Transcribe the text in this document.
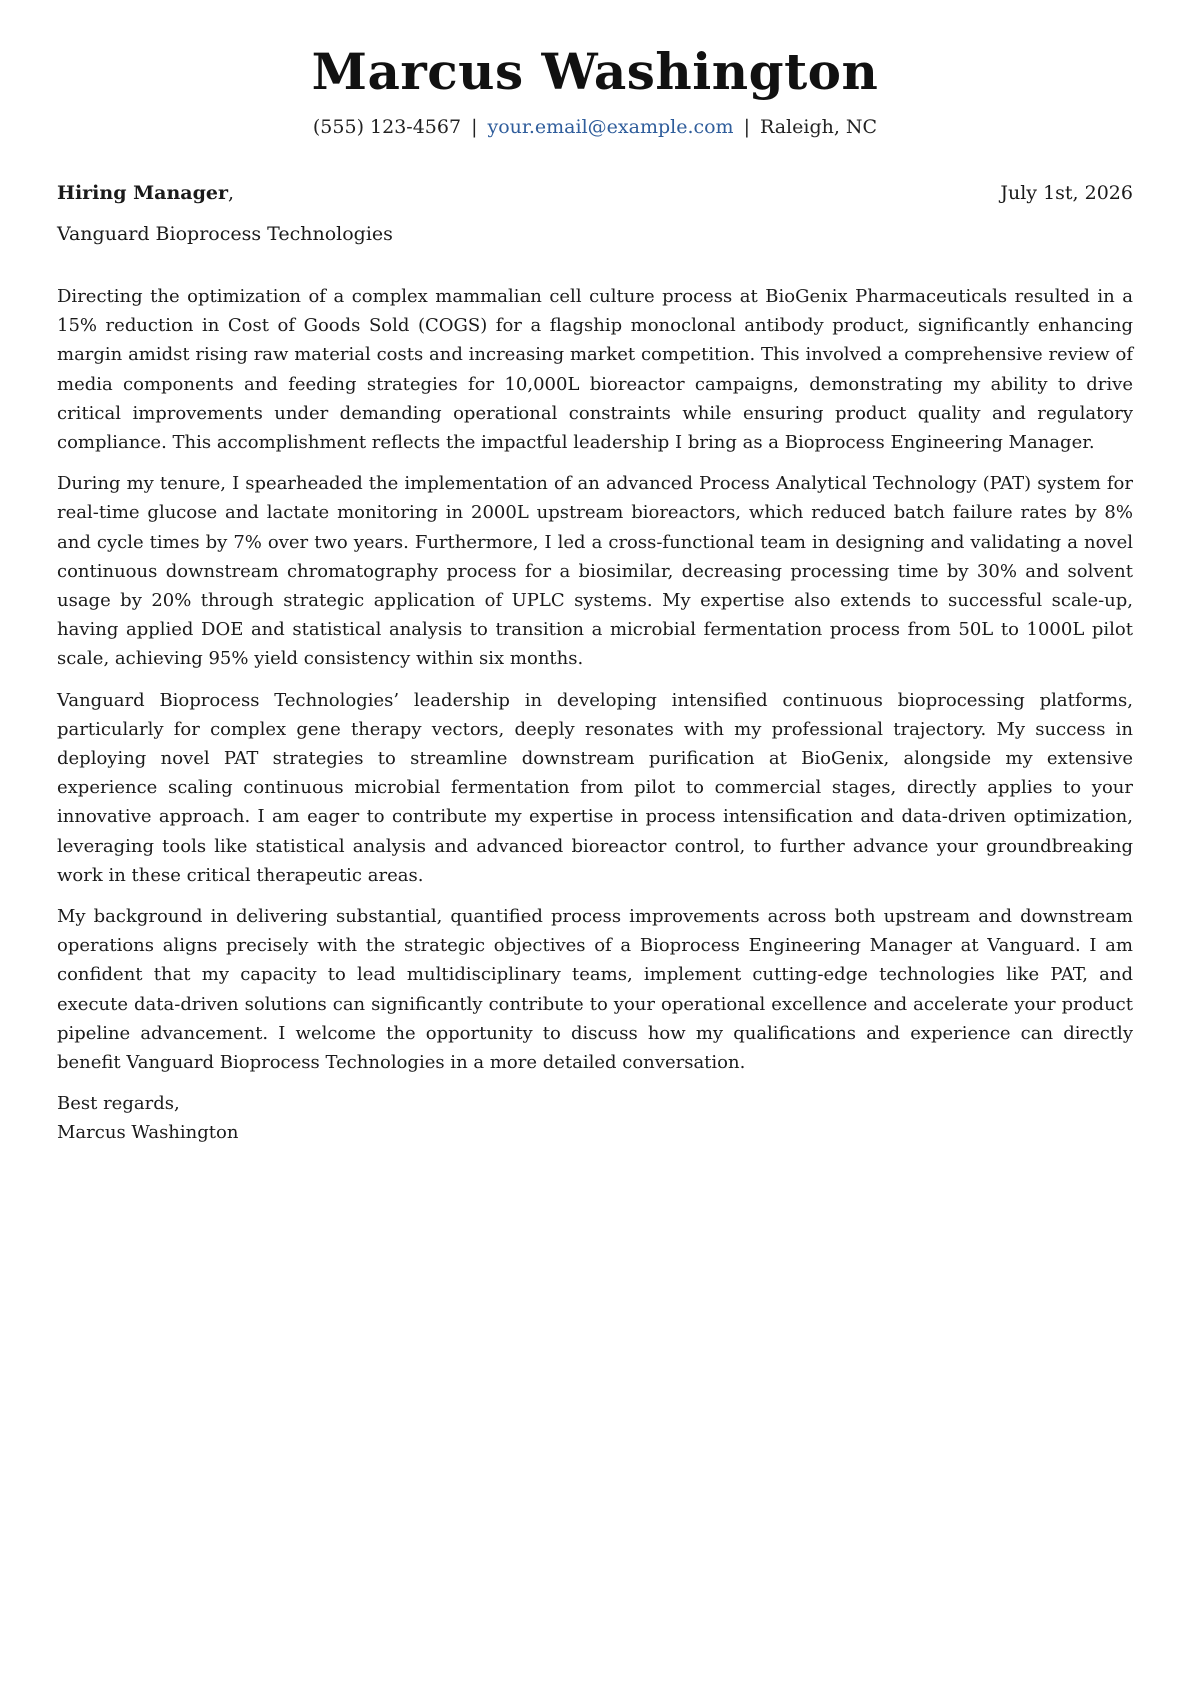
Marcus Washington
(555) 123-4567 | your.email@example.com | Raleigh, NC
Hiring Manager,	July 1st, 2026
Vanguard Bioprocess Technologies

Directing the optimization of a complex mammalian cell culture process at BioGenix Pharmaceuticals resulted in a 15% reduction in Cost of Goods Sold (COGS) for a flagship monoclonal antibody product, significantly enhancing margin amidst rising raw material costs and increasing market competition. This involved a comprehensive review of media components and feeding strategies for 10,000L bioreactor campaigns, demonstrating my ability to drive critical improvements under demanding operational constraints while ensuring product quality and regulatory compliance. This accomplishment reflects the impactful leadership I bring as a Bioprocess Engineering Manager.

During my tenure, I spearheaded the implementation of an advanced Process Analytical Technology (PAT) system for real-time glucose and lactate monitoring in 2000L upstream bioreactors, which reduced batch failure rates by 8% and cycle times by 7% over two years. Furthermore, I led a cross-functional team in designing and validating a novel continuous downstream chromatography process for a biosimilar, decreasing processing time by 30% and solvent usage by 20% through strategic application of UPLC systems. My expertise also extends to successful scale-up, having applied DOE and statistical analysis to transition a microbial fermentation process from 50L to 1000L pilot scale, achieving 95% yield consistency within six months.

Vanguard Bioprocess Technologies’ leadership in developing intensified continuous bioprocessing platforms, particularly for complex gene therapy vectors, deeply resonates with my professional trajectory. My success in deploying novel PAT strategies to streamline downstream purification at BioGenix, alongside my extensive experience scaling continuous microbial fermentation from pilot to commercial stages, directly applies to your innovative approach. I am eager to contribute my expertise in process intensification and data-driven optimization, leveraging tools like statistical analysis and advanced bioreactor control, to further advance your groundbreaking work in these critical therapeutic areas.

My background in delivering substantial, quantified process improvements across both upstream and downstream operations aligns precisely with the strategic objectives of a Bioprocess Engineering Manager at Vanguard. I am confident that my capacity to lead multidisciplinary teams, implement cutting-edge technologies like PAT, and execute data-driven solutions can significantly contribute to your operational excellence and accelerate your product pipeline advancement. I welcome the opportunity to discuss how my qualifications and experience can directly benefit Vanguard Bioprocess Technologies in a more detailed conversation.

Best regards,
Marcus Washington
